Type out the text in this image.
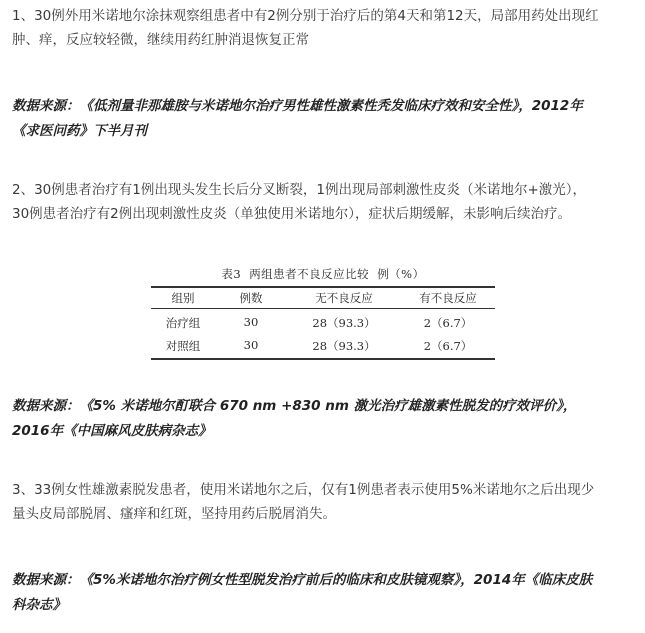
1、30例外用米诺地尔涂抹观察组患者中有2例分别于治疗后的第4天和第12天，局部用药处出现红
肿、痒，反应较轻微，继续用药红肿消退恢复正常

数据来源：《低剂量非那雄胺与米诺地尔治疗男性雄性激素性秃发临床疗效和安全性》，2012年
《求医问药》下半月刊

2、30例患者治疗有1例出现头发生长后分叉断裂，1例出现局部刺激性皮炎（米诺地尔+激光），
30例患者治疗有2例出现刺激性皮炎（单独使用米诺地尔），症状后期缓解，未影响后续治疗。

表3 两组患者不良反应比较 例（%）
组别	例数	无不良反应	有不良反应
治疗组	30	28（93.3）	2（6.7）
对照组	30	28（93.3）	2（6.7）

数据来源：《5% 米诺地尔酊联合 670 nm +830 nm 激光治疗雄激素性脱发的疗效评价》，
2016年《中国麻风皮肤病杂志》

3、33例女性雄激素脱发患者，使用米诺地尔之后，仅有1例患者表示使用5%米诺地尔之后出现少
量头皮局部脱屑、瘙痒和红斑，坚持用药后脱屑消失。

数据来源：《5%米诺地尔治疗例女性型脱发治疗前后的临床和皮肤镜观察》，2014年《临床皮肤
科杂志》
